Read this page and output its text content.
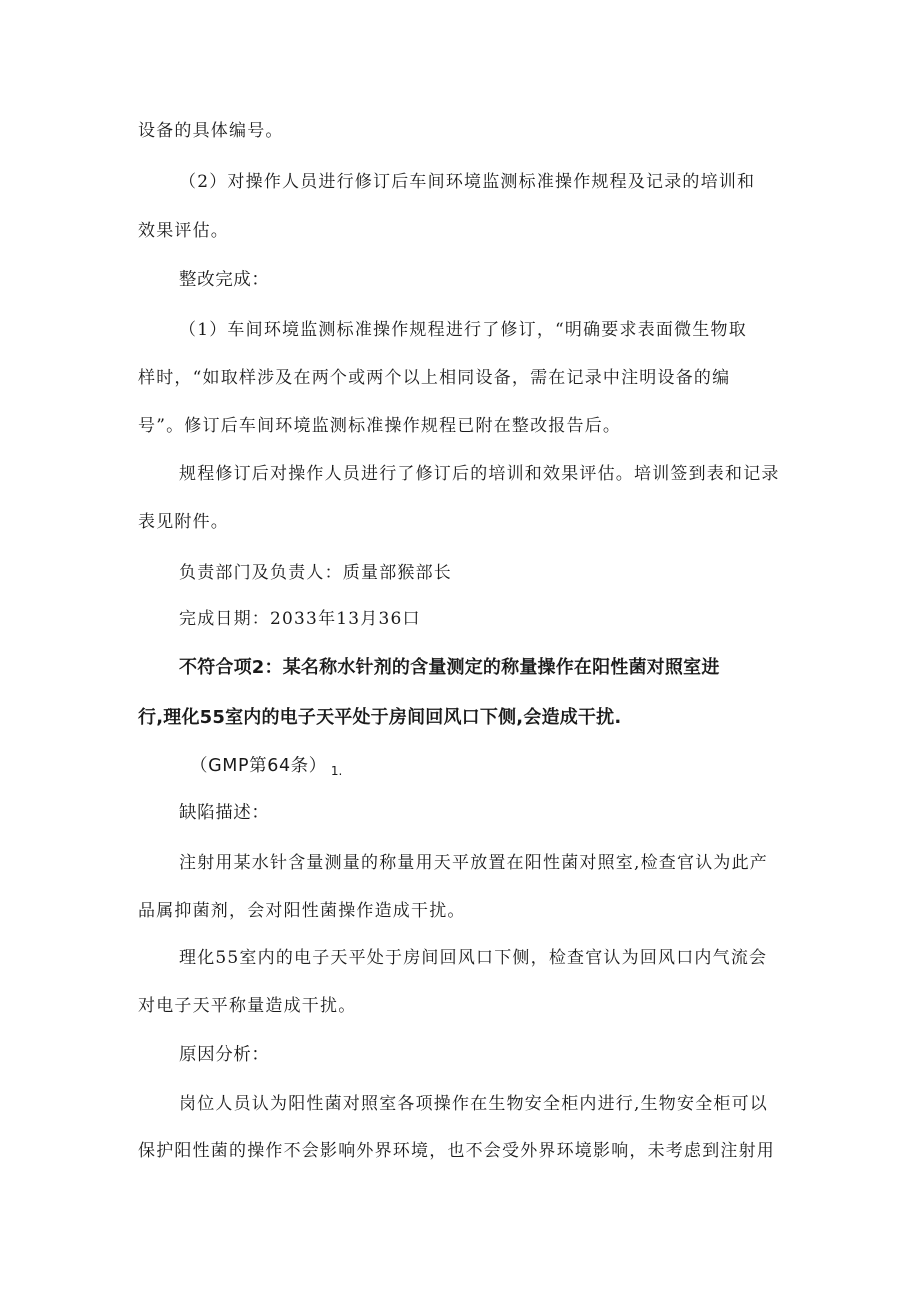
设备的具体编号。
（2）对操作人员进行修订后车间环境监测标准操作规程及记录的培训和
效果评估。
整改完成：
（1）车间环境监测标准操作规程进行了修订，“明确要求表面微生物取
样时，“如取样涉及在两个或两个以上相同设备，需在记录中注明设备的编
号”。修订后车间环境监测标准操作规程已附在整改报告后。
规程修订后对操作人员进行了修订后的培训和效果评估。培训签到表和记录
表见附件。
负责部门及负责人：质量部猴部长
完成日期：2033年13月36口
不符合项2：某名称水针剂的含量测定的称量操作在阳性菌对照室进
行,理化55室内的电子天平处于房间回风口下侧,会造成干扰.
（GMP第64条） $_{1.}$
缺陷描述：
注射用某水针含量测量的称量用天平放置在阳性菌对照室,检查官认为此产
品属抑菌剂，会对阳性菌操作造成干扰。
理化55室内的电子天平处于房间回风口下侧，检查官认为回风口内气流会
对电子天平称量造成干扰。
原因分析：
岗位人员认为阳性菌对照室各项操作在生物安全柜内进行,生物安全柜可以
保护阳性菌的操作不会影响外界环境，也不会受外界环境影响，未考虑到注射用
